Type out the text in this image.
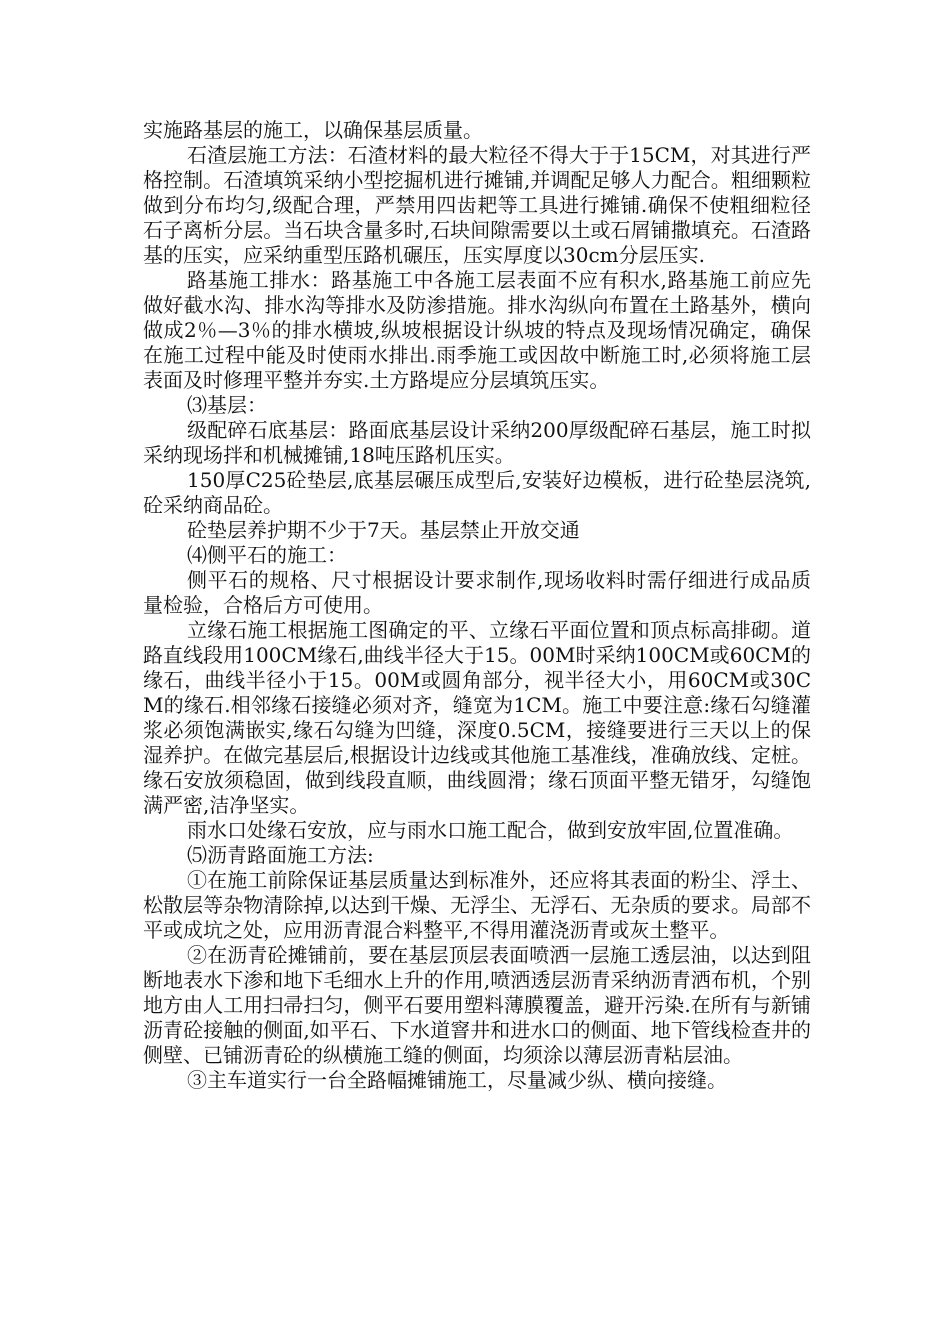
实施路基层的施工，以确保基层质量。

石渣层施工方法：石渣材料的最大粒径不得大于于15CM，对其进行严格控制。石渣填筑采纳小型挖掘机进行摊铺,并调配足够人力配合。粗细颗粒做到分布均匀,级配合理，严禁用四齿耙等工具进行摊铺.确保不使粗细粒径石子离析分层。当石块含量多时,石块间隙需要以土或石屑铺撒填充。石渣路基的压实，应采纳重型压路机碾压，压实厚度以30cm分层压实.

路基施工排水：路基施工中各施工层表面不应有积水,路基施工前应先做好截水沟、排水沟等排水及防渗措施。排水沟纵向布置在土路基外，横向做成2％—3％的排水横坡,纵坡根据设计纵坡的特点及现场情况确定，确保在施工过程中能及时使雨水排出.雨季施工或因故中断施工时,必须将施工层表面及时修理平整并夯实.土方路堤应分层填筑压实。

⑶基层：

级配碎石底基层：路面底基层设计采纳200厚级配碎石基层，施工时拟采纳现场拌和机械摊铺,18吨压路机压实。

150厚C25砼垫层,底基层碾压成型后,安装好边模板，进行砼垫层浇筑,砼采纳商品砼。

砼垫层养护期不少于7天。基层禁止开放交通

⑷侧平石的施工：

侧平石的规格、尺寸根据设计要求制作,现场收料时需仔细进行成品质量检验，合格后方可使用。

立缘石施工根据施工图确定的平、立缘石平面位置和顶点标高排砌。道路直线段用100CM缘石,曲线半径大于15。00M时采纳100CM或60CM的缘石，曲线半径小于15。00M或圆角部分，视半径大小，用60CM或30CM的缘石.相邻缘石接缝必须对齐，缝宽为1CM。施工中要注意:缘石勾缝灌浆必须饱满嵌实,缘石勾缝为凹缝，深度0.5CM，接缝要进行三天以上的保湿养护。在做完基层后,根据设计边线或其他施工基准线，准确放线、定桩。缘石安放须稳固，做到线段直顺，曲线圆滑；缘石顶面平整无错牙，勾缝饱满严密,洁净坚实。

雨水口处缘石安放，应与雨水口施工配合，做到安放牢固,位置准确。

⑸沥青路面施工方法:

①在施工前除保证基层质量达到标准外，还应将其表面的粉尘、浮土、松散层等杂物清除掉,以达到干燥、无浮尘、无浮石、无杂质的要求。局部不平或成坑之处，应用沥青混合料整平,不得用灌浇沥青或灰土整平。

②在沥青砼摊铺前，要在基层顶层表面喷洒一层施工透层油，以达到阻断地表水下渗和地下毛细水上升的作用,喷洒透层沥青采纳沥青洒布机，个别地方由人工用扫帚扫匀，侧平石要用塑料薄膜覆盖，避开污染.在所有与新铺沥青砼接触的侧面,如平石、下水道窨井和进水口的侧面、地下管线检查井的侧壁、已铺沥青砼的纵横施工缝的侧面，均须涂以薄层沥青粘层油。

③主车道实行一台全路幅摊铺施工，尽量减少纵、横向接缝。
